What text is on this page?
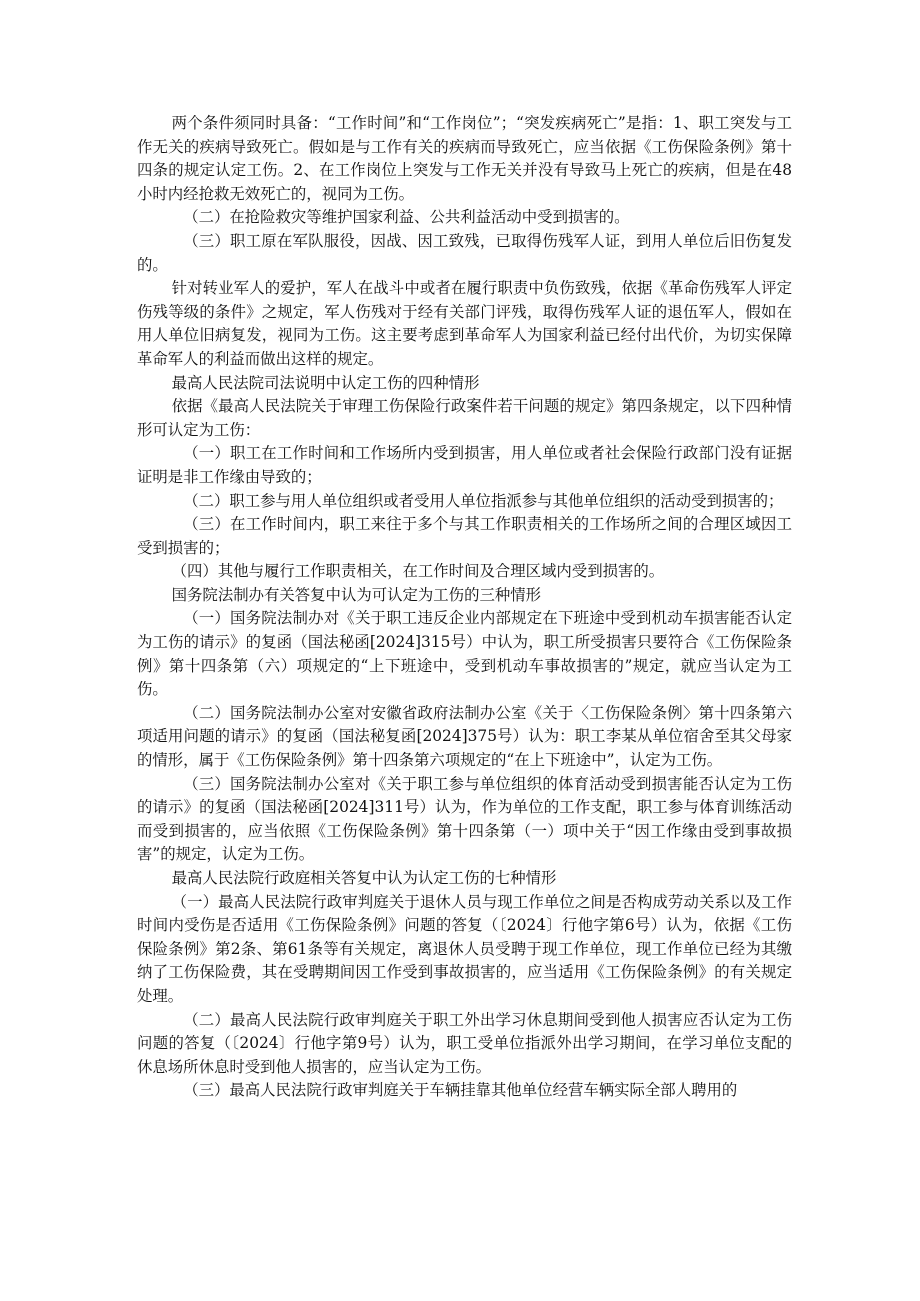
两个条件须同时具备：“工作时间”和“工作岗位”；“突发疾病死亡”是指：1、职工突发与工作无关的疾病导致死亡。假如是与工作有关的疾病而导致死亡，应当依据《工伤保险条例》第十四条的规定认定工伤。2、在工作岗位上突发与工作无关并没有导致马上死亡的疾病，但是在48小时内经抢救无效死亡的，视同为工伤。

（二）在抢险救灾等维护国家利益、公共利益活动中受到损害的。

（三）职工原在军队服役，因战、因工致残，已取得伤残军人证，到用人单位后旧伤复发的。

针对转业军人的爱护，军人在战斗中或者在履行职责中负伤致残，依据《革命伤残军人评定伤残等级的条件》之规定，军人伤残对于经有关部门评残，取得伤残军人证的退伍军人，假如在用人单位旧病复发，视同为工伤。这主要考虑到革命军人为国家利益已经付出代价，为切实保障革命军人的利益而做出这样的规定。

最高人民法院司法说明中认定工伤的四种情形

依据《最高人民法院关于审理工伤保险行政案件若干问题的规定》第四条规定，以下四种情形可认定为工伤：

（一）职工在工作时间和工作场所内受到损害，用人单位或者社会保险行政部门没有证据证明是非工作缘由导致的；

（二）职工参与用人单位组织或者受用人单位指派参与其他单位组织的活动受到损害的；

（三）在工作时间内，职工来往于多个与其工作职责相关的工作场所之间的合理区域因工受到损害的；

（四）其他与履行工作职责相关，在工作时间及合理区域内受到损害的。

国务院法制办有关答复中认为可认定为工伤的三种情形

（一）国务院法制办对《关于职工违反企业内部规定在下班途中受到机动车损害能否认定为工伤的请示》的复函（国法秘函[2024]315号）中认为，职工所受损害只要符合《工伤保险条例》第十四条第（六）项规定的“上下班途中，受到机动车事故损害的”规定，就应当认定为工伤。

（二）国务院法制办公室对安徽省政府法制办公室《关于〈工伤保险条例〉第十四条第六项适用问题的请示》的复函（国法秘复函[2024]375号）认为：职工李某从单位宿舍至其父母家的情形，属于《工伤保险条例》第十四条第六项规定的“在上下班途中”，认定为工伤。

（三）国务院法制办公室对《关于职工参与单位组织的体育活动受到损害能否认定为工伤的请示》的复函（国法秘函[2024]311号）认为，作为单位的工作支配，职工参与体育训练活动而受到损害的，应当依照《工伤保险条例》第十四条第（一）项中关于“因工作缘由受到事故损害”的规定，认定为工伤。

最高人民法院行政庭相关答复中认为认定工伤的七种情形

（一）最高人民法院行政审判庭关于退休人员与现工作单位之间是否构成劳动关系以及工作时间内受伤是否适用《工伤保险条例》问题的答复（〔2024〕行他字第6号）认为，依据《工伤保险条例》第2条、第61条等有关规定，离退休人员受聘于现工作单位，现工作单位已经为其缴纳了工伤保险费，其在受聘期间因工作受到事故损害的，应当适用《工伤保险条例》的有关规定处理。

（二）最高人民法院行政审判庭关于职工外出学习休息期间受到他人损害应否认定为工伤问题的答复（〔2024〕行他字第9号）认为，职工受单位指派外出学习期间，在学习单位支配的休息场所休息时受到他人损害的，应当认定为工伤。

（三）最高人民法院行政审判庭关于车辆挂靠其他单位经营车辆实际全部人聘用的
